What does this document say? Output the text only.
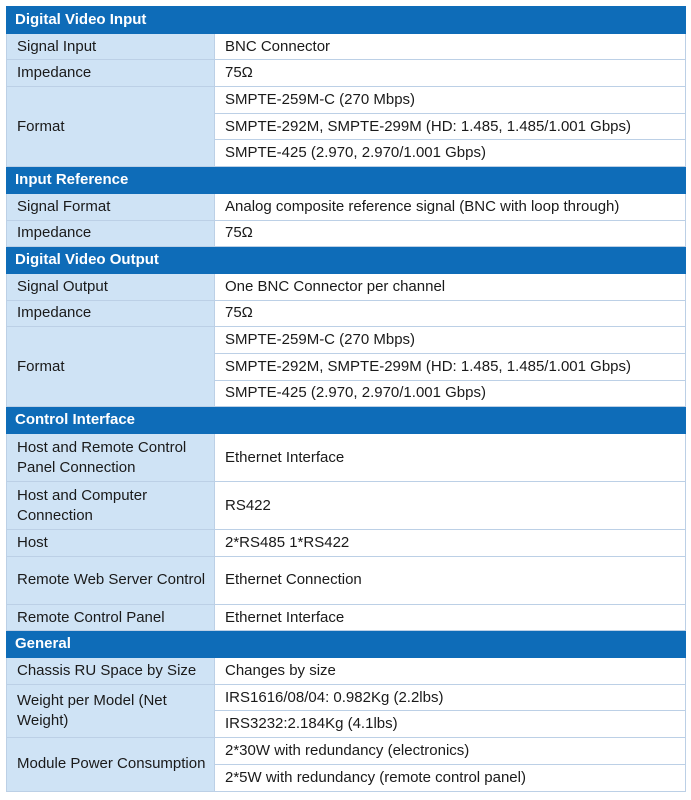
Digital Video Input	
Signal Input	BNC Connector
Impedance	75Ω
Format	SMPTE-259M-C (270 Mbps)
	SMPTE-292M, SMPTE-299M (HD: 1.485, 1.485/1.001 Gbps)
	SMPTE-425 (2.970, 2.970/1.001 Gbps)
Input Reference	
Signal Format	Analog composite reference signal (BNC with loop through)
Impedance	75Ω
Digital Video Output	
Signal Output	One BNC Connector per channel
Impedance	75Ω
Format	SMPTE-259M-C (270 Mbps)
	SMPTE-292M, SMPTE-299M (HD: 1.485, 1.485/1.001 Gbps)
	SMPTE-425 (2.970, 2.970/1.001 Gbps)
Control Interface	
Host and Remote Control Panel Connection	Ethernet Interface
Host and Computer Connection	RS422
Host	2*RS485 1*RS422
Remote Web Server Control	Ethernet Connection
Remote Control Panel	Ethernet Interface
General	
Chassis RU Space by Size	Changes by size
Weight per Model (Net Weight)	IRS1616/08/04: 0.982Kg (2.2lbs)
	IRS3232:2.184Kg (4.1lbs)
Module Power Consumption	2*30W with redundancy (electronics)
	2*5W with redundancy (remote control panel)
